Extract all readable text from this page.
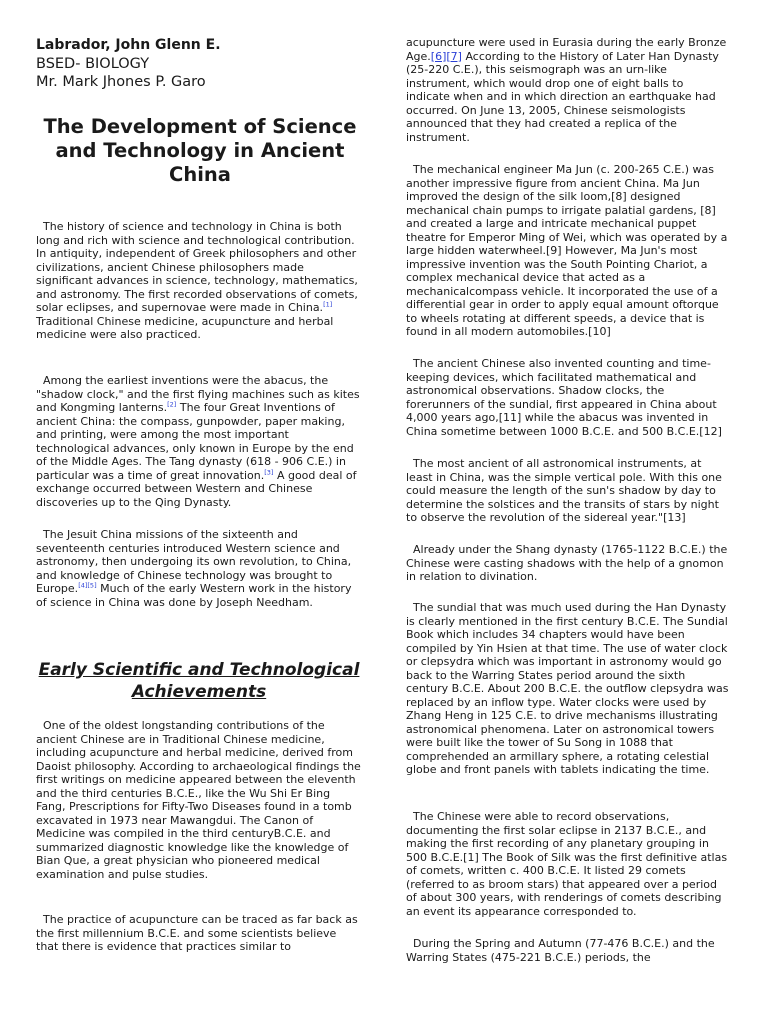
Labrador, John Glenn E.

BSED- BIOLOGY

Mr. Mark Jhones P. Garo

The Development of Science and Technology in Ancient China

The history of science and technology in China is both long and rich with science and technological contribution. In antiquity, independent of Greek philosophers and other civilizations, ancient Chinese philosophers made significant advances in science, technology, mathematics, and astronomy. The first recorded observations of comets, solar eclipses, and supernovae were made in China.[1] Traditional Chinese medicine, acupuncture and herbal medicine were also practiced.

Among the earliest inventions were the abacus, the "shadow clock," and the first flying machines such as kites and Kongming lanterns.[2] The four Great Inventions of ancient China: the compass, gunpowder, paper making, and printing, were among the most important technological advances, only known in Europe by the end of the Middle Ages. The Tang dynasty (618 - 906 C.E.) in particular was a time of great innovation.[3] A good deal of exchange occurred between Western and Chinese discoveries up to the Qing Dynasty.

The Jesuit China missions of the sixteenth and seventeenth centuries introduced Western science and astronomy, then undergoing its own revolution, to China, and knowledge of Chinese technology was brought to Europe.[4][5] Much of the early Western work in the history of science in China was done by Joseph Needham.

Early Scientific and Technological Achievements

One of the oldest longstanding contributions of the ancient Chinese are in Traditional Chinese medicine, including acupuncture and herbal medicine, derived from Daoist philosophy. According to archaeological findings the first writings on medicine appeared between the eleventh and the third centuries B.C.E., like the Wu Shi Er Bing Fang, Prescriptions for Fifty-Two Diseases found in a tomb excavated in 1973 near Mawangdui. The Canon of Medicine was compiled in the third centuryB.C.E. and summarized diagnostic knowledge like the knowledge of Bian Que, a great physician who pioneered medical examination and pulse studies.

The practice of acupuncture can be traced as far back as the first millennium B.C.E. and some scientists believe that there is evidence that practices similar to

acupuncture were used in Eurasia during the early Bronze Age.[6][7] According to the History of Later Han Dynasty (25-220 C.E.), this seismograph was an urn-like instrument, which would drop one of eight balls to indicate when and in which direction an earthquake had occurred. On June 13, 2005, Chinese seismologists announced that they had created a replica of the instrument.

The mechanical engineer Ma Jun (c. 200-265 C.E.) was another impressive figure from ancient China. Ma Jun improved the design of the silk loom,[8] designed mechanical chain pumps to irrigate palatial gardens, [8] and created a large and intricate mechanical puppet theatre for Emperor Ming of Wei, which was operated by a large hidden waterwheel.[9] However, Ma Jun's most impressive invention was the South Pointing Chariot, a complex mechanical device that acted as a mechanicalcompass vehicle. It incorporated the use of a differential gear in order to apply equal amount oftorque to wheels rotating at different speeds, a device that is found in all modern automobiles.[10]

The ancient Chinese also invented counting and time-keeping devices, which facilitated mathematical and astronomical observations. Shadow clocks, the forerunners of the sundial, first appeared in China about 4,000 years ago,[11] while the abacus was invented in China sometime between 1000 B.C.E. and 500 B.C.E.[12]

The most ancient of all astronomical instruments, at least in China, was the simple vertical pole. With this one could measure the length of the sun's shadow by day to determine the solstices and the transits of stars by night to observe the revolution of the sidereal year."[13]

Already under the Shang dynasty (1765-1122 B.C.E.) the Chinese were casting shadows with the help of a gnomon in relation to divination.

The sundial that was much used during the Han Dynasty is clearly mentioned in the first century B.C.E. The Sundial Book which includes 34 chapters would have been compiled by Yin Hsien at that time. The use of water clock or clepsydra which was important in astronomy would go back to the Warring States period around the sixth century B.C.E. About 200 B.C.E. the outflow clepsydra was replaced by an inflow type. Water clocks were used by Zhang Heng in 125 C.E. to drive mechanisms illustrating astronomical phenomena. Later on astronomical towers were built like the tower of Su Song in 1088 that comprehended an armillary sphere, a rotating celestial globe and front panels with tablets indicating the time.

The Chinese were able to record observations, documenting the first solar eclipse in 2137 B.C.E., and making the first recording of any planetary grouping in 500 B.C.E.[1] The Book of Silk was the first definitive atlas of comets, written c. 400 B.C.E. It listed 29 comets (referred to as broom stars) that appeared over a period of about 300 years, with renderings of comets describing an event its appearance corresponded to.

During the Spring and Autumn (77-476 B.C.E.) and the Warring States (475-221 B.C.E.) periods, the
